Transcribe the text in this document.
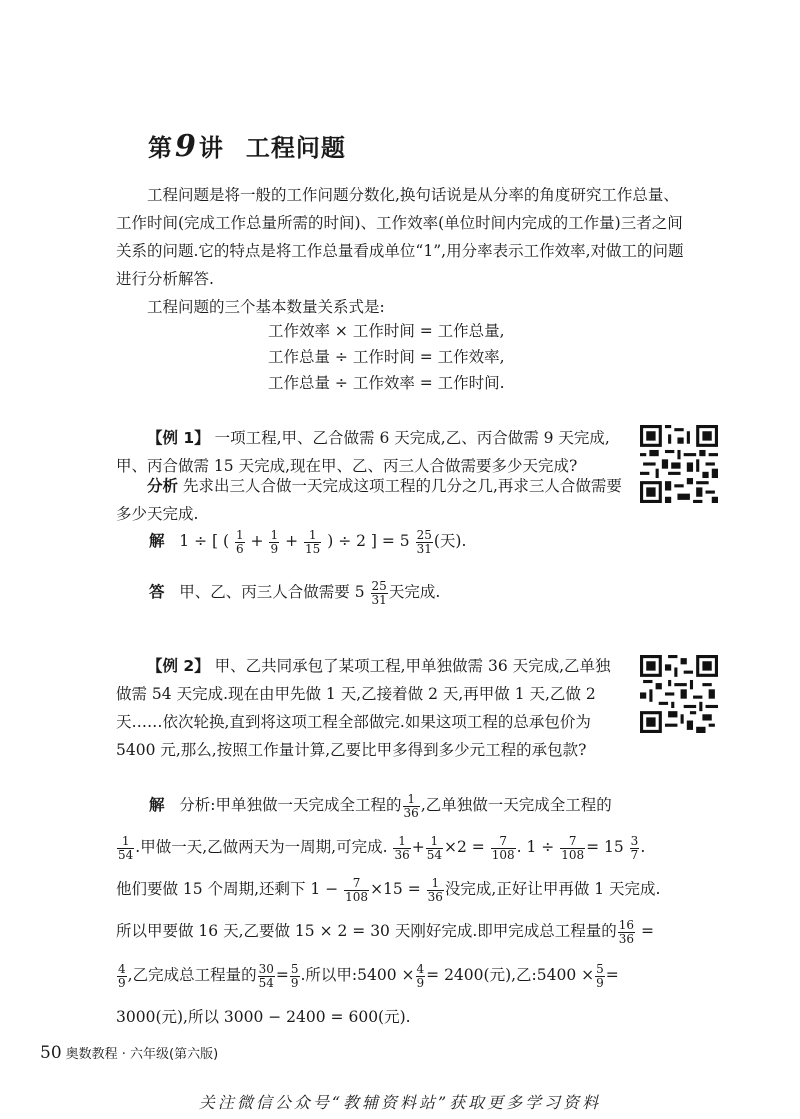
第9讲 工程问题
工程问题是将一般的工作问题分数化,换句话说是从分率的角度研究工作总量、工作时间(完成工作总量所需的时间)、工作效率(单位时间内完成的工作量)三者之间关系的问题.它的特点是将工作总量看成单位“1”,用分率表示工作效率,对做工的问题进行分析解答.
工程问题的三个基本数量关系式是:
工作效率 × 工作时间 = 工作总量,
工作总量 ÷ 工作时间 = 工作效率,
工作总量 ÷ 工作效率 = 工作时间.
【例 1】 一项工程,甲、乙合做需 6 天完成,乙、丙合做需 9 天完成,甲、丙合做需 15 天完成,现在甲、乙、丙三人合做需要多少天完成?
分析 先求出三人合做一天完成这项工程的几分之几,再求三人合做需要多少天完成.
解 1 ÷ [ ( $\frac{1}{6} + \frac{1}{9} + \frac{1}{15}$ ) ÷ 2 ] = $5 \frac{25}{31}$ (天).
答 甲、乙、丙三人合做需要 $5 \frac{25}{31}$ 天完成.
【例 2】 甲、乙共同承包了某项工程,甲单独做需 36 天完成,乙单独做需 54 天完成.现在由甲先做 1 天,乙接着做 2 天,再甲做 1 天,乙做 2 天……依次轮换,直到将这项工程全部做完.如果这项工程的总承包价为 5400 元,那么,按照工作量计算,乙要比甲多得到多少元工程的承包款?
解 分析:甲单独做一天完成全工程的 $\frac{1}{36}$ ,乙单独做一天完成全工程的
$\frac{1}{54}$ .甲做一天,乙做两天为一周期,可完成. $\frac{1}{36} + \frac{1}{54} \times 2 = \frac{7}{108}$ . $1 \div \frac{7}{108} = 15 \frac{3}{7}$ .
他们要做 15 个周期,还剩下 $1 - \frac{7}{108} \times 15 = \frac{1}{36}$ 没完成,正好让甲再做 1 天完成.
所以甲要做 16 天,乙要做 15 × 2 = 30 天刚好完成.即甲完成总工程量的 $\frac{16}{36}$ =
$\frac{4}{9}$ ,乙完成总工程量的 $\frac{30}{54} = \frac{5}{9}$ .所以甲:5400 × $\frac{4}{9} = 2400$(元),乙:5400 × $\frac{5}{9}$ =
3000(元),所以 3000 − 2400 = 600(元).
50 奥数教程 · 六年级(第六版)
关注微信公众号“教辅资料站”获取更多学习资料
